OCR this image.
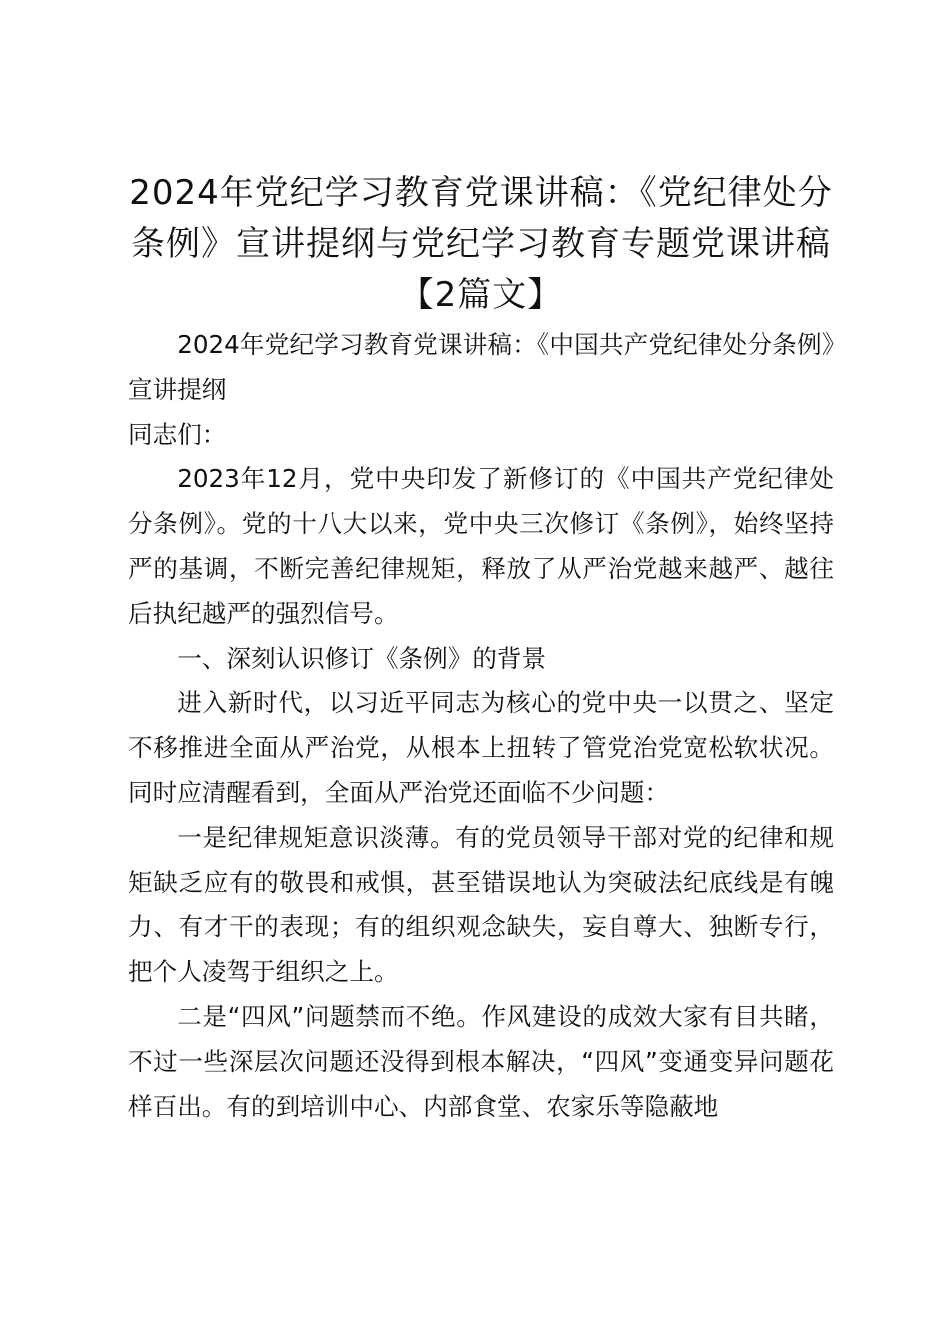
2024年党纪学习教育党课讲稿：《党纪律处分条例》宣讲提纲与党纪学习教育专题党课讲稿【2篇文】

2024年党纪学习教育党课讲稿：《中国共产党纪律处分条例》宣讲提纲

同志们：

2023年12月，党中央印发了新修订的《中国共产党纪律处分条例》。党的十八大以来，党中央三次修订《条例》，始终坚持严的基调，不断完善纪律规矩，释放了从严治党越来越严、越往后执纪越严的强烈信号。

一、深刻认识修订《条例》的背景

进入新时代，以习近平同志为核心的党中央一以贯之、坚定不移推进全面从严治党，从根本上扭转了管党治党宽松软状况。同时应清醒看到，全面从严治党还面临不少问题：

一是纪律规矩意识淡薄。有的党员领导干部对党的纪律和规矩缺乏应有的敬畏和戒惧，甚至错误地认为突破法纪底线是有魄力、有才干的表现；有的组织观念缺失，妄自尊大、独断专行，把个人凌驾于组织之上。

二是“四风”问题禁而不绝。作风建设的成效大家有目共睹，不过一些深层次问题还没得到根本解决，“四风”变通变异问题花样百出。有的到培训中心、内部食堂、农家乐等隐蔽地
